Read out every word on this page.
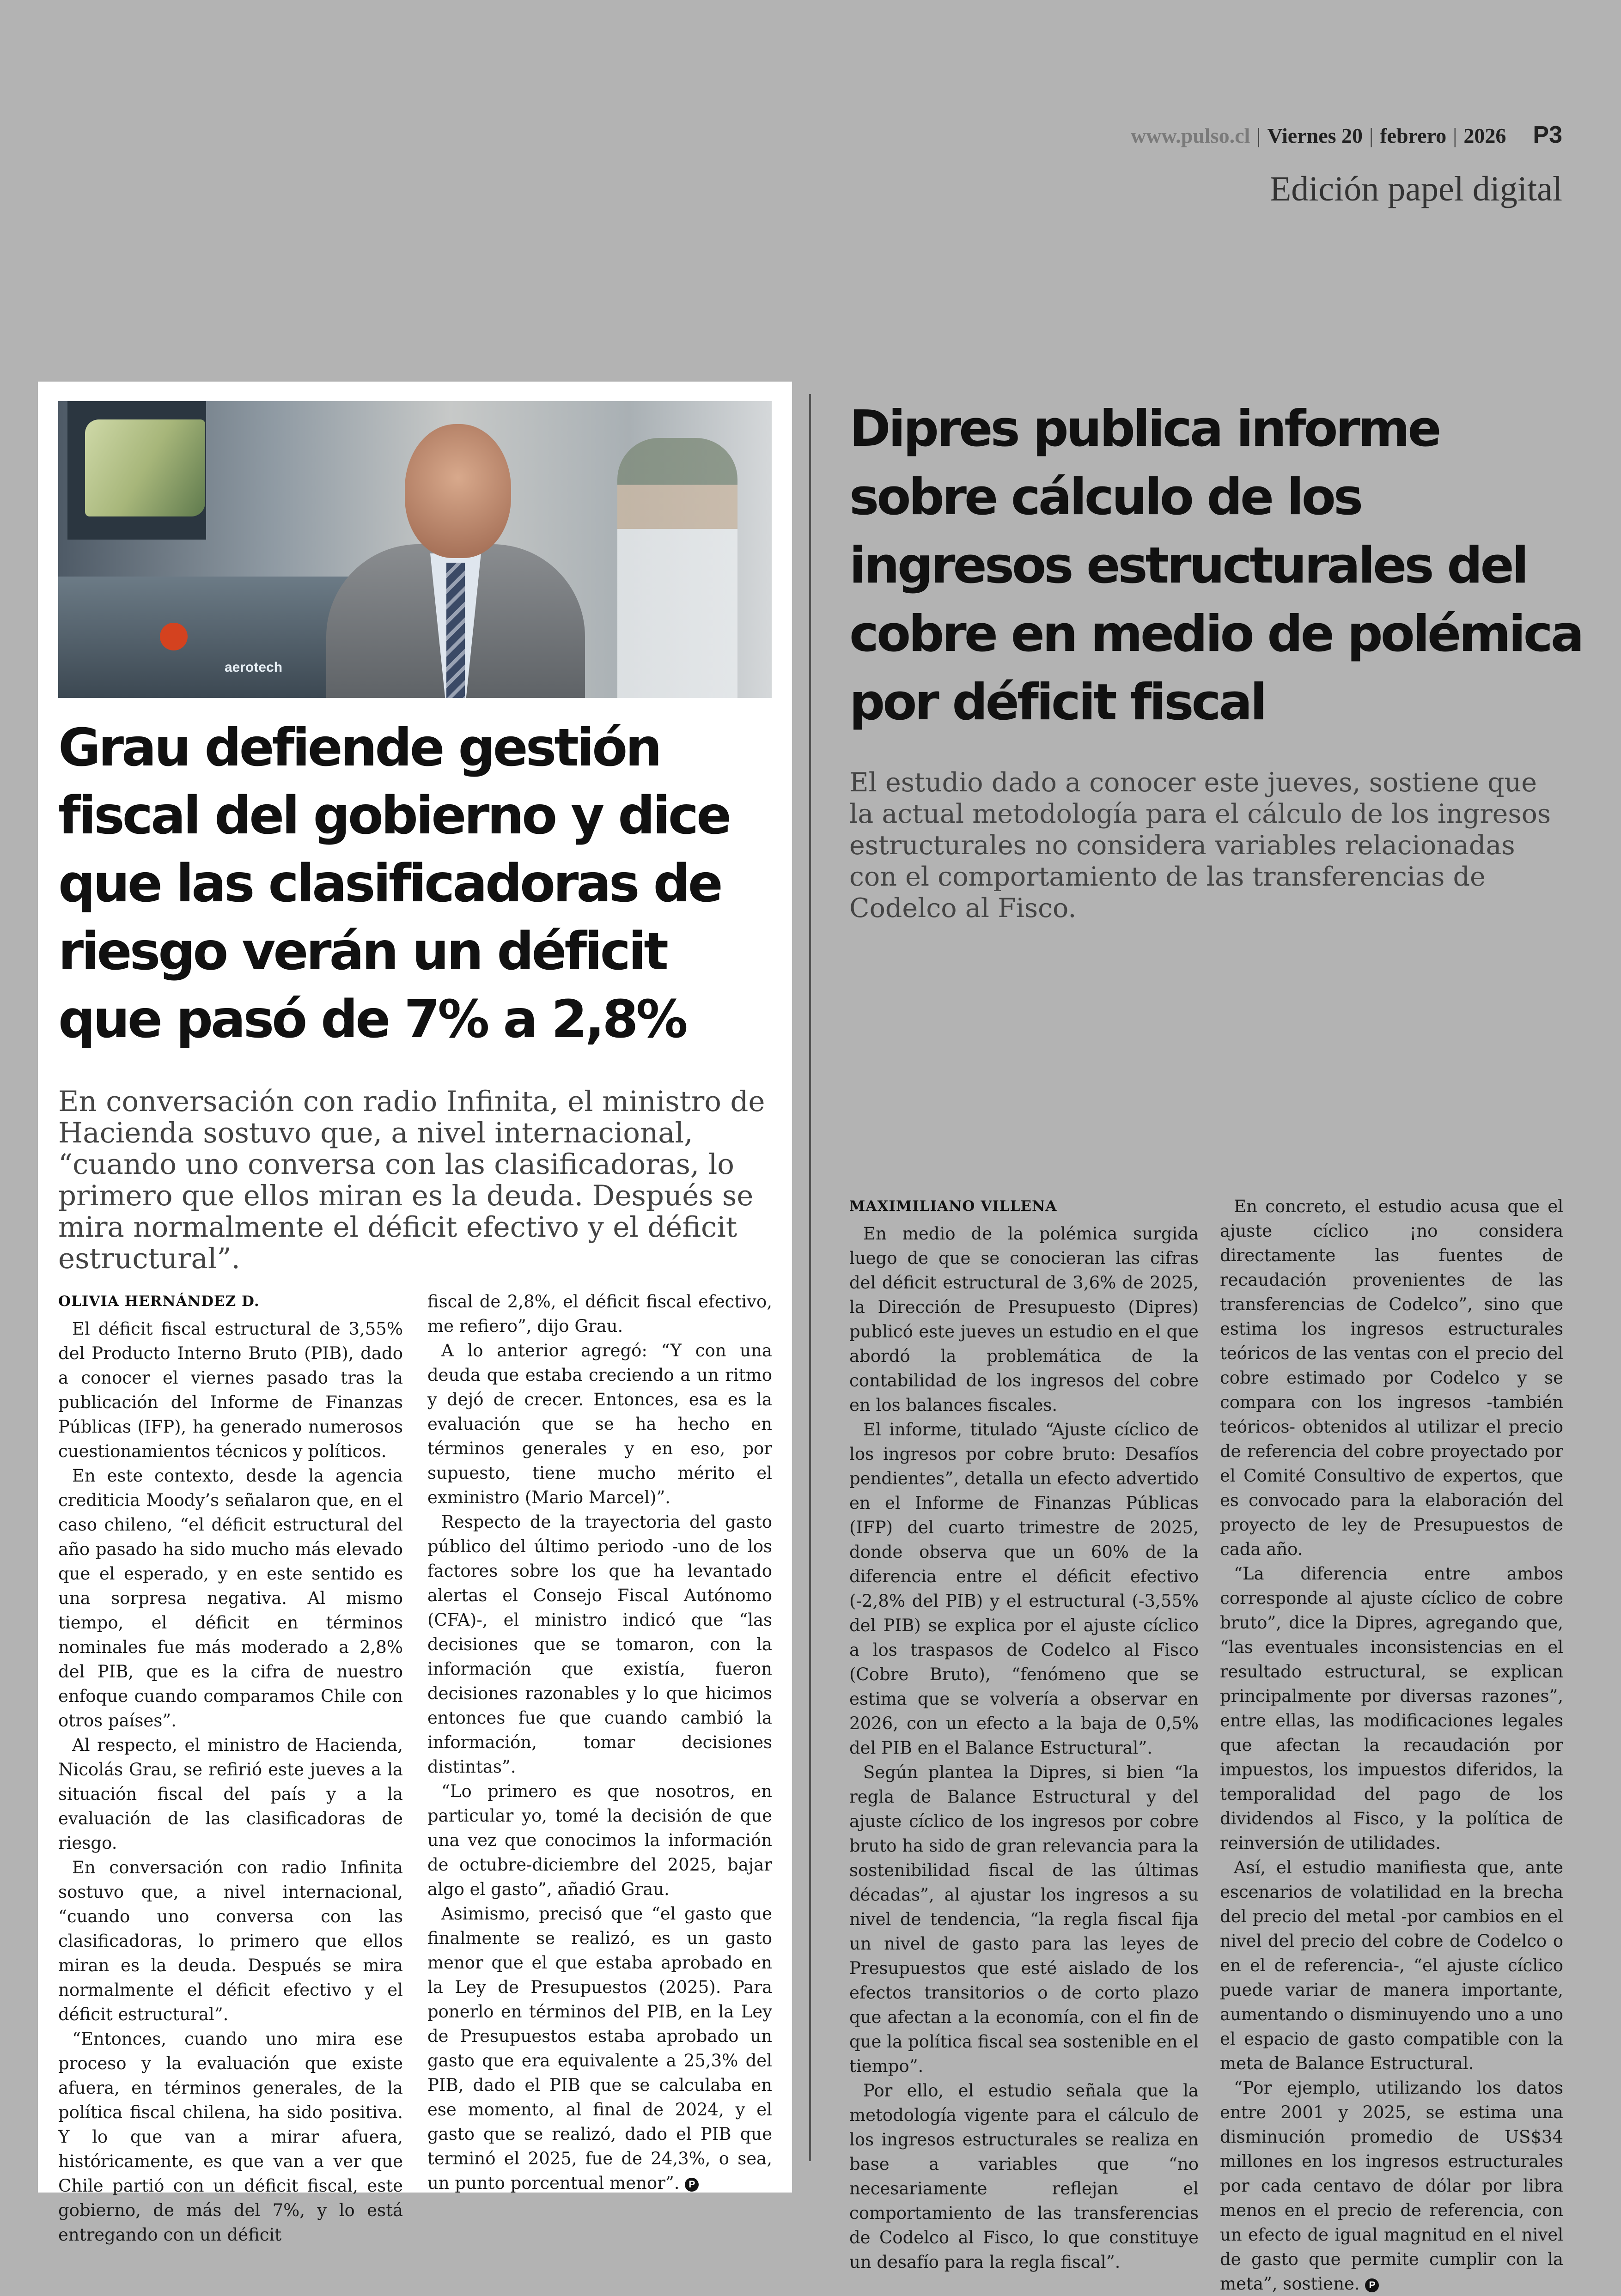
www.pulso.cl | Viernes 20 | febrero | 2026 P3
Edición papel digital
aerotech
Grau defiende gestión fiscal del gobierno y dice que las clasificadoras de riesgo verán un déficit que pasó de 7% a 2,8%
En conversación con radio Infinita, el ministro de Hacienda sostuvo que, a nivel internacional, “cuando uno conversa con las clasificadoras, lo primero que ellos miran es la deuda. Después se mira normalmente el déficit efectivo y el déficit estructural”.
OLIVIA HERNÁNDEZ D.

El déficit fiscal estructural de 3,55% del Producto Interno Bruto (PIB), dado a conocer el viernes pasado tras la publicación del Informe de Finanzas Públicas (IFP), ha generado numerosos cuestionamientos técnicos y políticos.

En este contexto, desde la agencia crediticia Moody’s señalaron que, en el caso chileno, “el déficit estructural del año pasado ha sido mucho más elevado que el esperado, y en este sentido es una sorpresa negativa. Al mismo tiempo, el déficit en términos nominales fue más moderado a 2,8% del PIB, que es la cifra de nuestro enfoque cuando comparamos Chile con otros países”.

Al respecto, el ministro de Hacienda, Nicolás Grau, se refirió este jueves a la situación fiscal del país y a la evaluación de las clasificadoras de riesgo.

En conversación con radio Infinita sostuvo que, a nivel internacional, “cuando uno conversa con las clasificadoras, lo primero que ellos miran es la deuda. Después se mira normalmente el déficit efectivo y el déficit estructural”.

“Entonces, cuando uno mira ese proceso y la evaluación que existe afuera, en términos generales, de la política fiscal chilena, ha sido positiva. Y lo que van a mirar afuera, históricamente, es que van a ver que Chile partió con un déficit fiscal, este gobierno, de más del 7%, y lo está entregando con un déficit

fiscal de 2,8%, el déficit fiscal efectivo, me refiero”, dijo Grau.

A lo anterior agregó: “Y con una deuda que estaba creciendo a un ritmo y dejó de crecer. Entonces, esa es la evaluación que se ha hecho en términos generales y en eso, por supuesto, tiene mucho mérito el exministro (Mario Marcel)”.

Respecto de la trayectoria del gasto público del último periodo -uno de los factores sobre los que ha levantado alertas el Consejo Fiscal Autónomo (CFA)-, el ministro indicó que “las decisiones que se tomaron, con la información que existía, fueron decisiones razonables y lo que hicimos entonces fue que cuando cambió la información, tomar decisiones distintas”.

“Lo primero es que nosotros, en particular yo, tomé la decisión de que una vez que conocimos la información de octubre-diciembre del 2025, bajar algo el gasto”, añadió Grau.

Asimismo, precisó que “el gasto que finalmente se realizó, es un gasto menor que el que estaba aprobado en la Ley de Presupuestos (2025). Para ponerlo en términos del PIB, en la Ley de Presupuestos estaba aprobado un gasto que era equivalente a 25,3% del PIB, dado el PIB que se calculaba en ese momento, al final de 2024, y el gasto que se realizó, dado el PIB que terminó el 2025, fue de 24,3%, o sea, un punto porcentual menor”. P

Dipres publica informe sobre cálculo de los ingresos estructurales del cobre en medio de polémica por déficit fiscal
El estudio dado a conocer este jueves, sostiene que la actual metodología para el cálculo de los ingresos estructurales no considera variables relacionadas con el comportamiento de las transferencias de Codelco al Fisco.
MAXIMILIANO VILLENA

En medio de la polémica surgida luego de que se conocieran las cifras del déficit estructural de 3,6% de 2025, la Dirección de Presupuesto (Dipres) publicó este jueves un estudio en el que abordó la problemática de la contabilidad de los ingresos del cobre en los balances fiscales.

El informe, titulado “Ajuste cíclico de los ingresos por cobre bruto: Desafíos pendientes”, detalla un efecto advertido en el Informe de Finanzas Públicas (IFP) del cuarto trimestre de 2025, donde observa que un 60% de la diferencia entre el déficit efectivo (-2,8% del PIB) y el estructural (-3,55% del PIB) se explica por el ajuste cíclico a los traspasos de Codelco al Fisco (Cobre Bruto), “fenómeno que se estima que se volvería a observar en 2026, con un efecto a la baja de 0,5% del PIB en el Balance Estructural”.

Según plantea la Dipres, si bien “la regla de Balance Estructural y del ajuste cíclico de los ingresos por cobre bruto ha sido de gran relevancia para la sostenibilidad fiscal de las últimas décadas”, al ajustar los ingresos a su nivel de tendencia, “la regla fiscal fija un nivel de gasto para las leyes de Presupuestos que esté aislado de los efectos transitorios o de corto plazo que afectan a la economía, con el fin de que la política fiscal sea sostenible en el tiempo”.

Por ello, el estudio señala que la metodología vigente para el cálculo de los ingresos estructurales se realiza en base a variables que “no necesariamente reflejan el comportamiento de las transferencias de Codelco al Fisco, lo que constituye un desafío para la regla fiscal”.

En concreto, el estudio acusa que el ajuste cíclico ¡no considera directamente las fuentes de recaudación provenientes de las transferencias de Codelco”, sino que estima los ingresos estructurales teóricos de las ventas con el precio del cobre estimado por Codelco y se compara con los ingresos -también teóricos- obtenidos al utilizar el precio de referencia del cobre proyectado por el Comité Consultivo de expertos, que es convocado para la elaboración del proyecto de ley de Presupuestos de cada año.

“La diferencia entre ambos corresponde al ajuste cíclico de cobre bruto”, dice la Dipres, agregando que, “las eventuales inconsistencias en el resultado estructural, se explican principalmente por diversas razones”, entre ellas, las modificaciones legales que afectan la recaudación por impuestos, los impuestos diferidos, la temporalidad del pago de los dividendos al Fisco, y la política de reinversión de utilidades.

Así, el estudio manifiesta que, ante escenarios de volatilidad en la brecha del precio del metal -por cambios en el nivel del precio del cobre de Codelco o en el de referencia-, “el ajuste cíclico puede variar de manera importante, aumentando o disminuyendo uno a uno el espacio de gasto compatible con la meta de Balance Estructural.

“Por ejemplo, utilizando los datos entre 2001 y 2025, se estima una disminución promedio de US$34 millones en los ingresos estructurales por cada centavo de dólar por libra menos en el precio de referencia, con un efecto de igual magnitud en el nivel de gasto que permite cumplir con la meta”, sostiene. P
